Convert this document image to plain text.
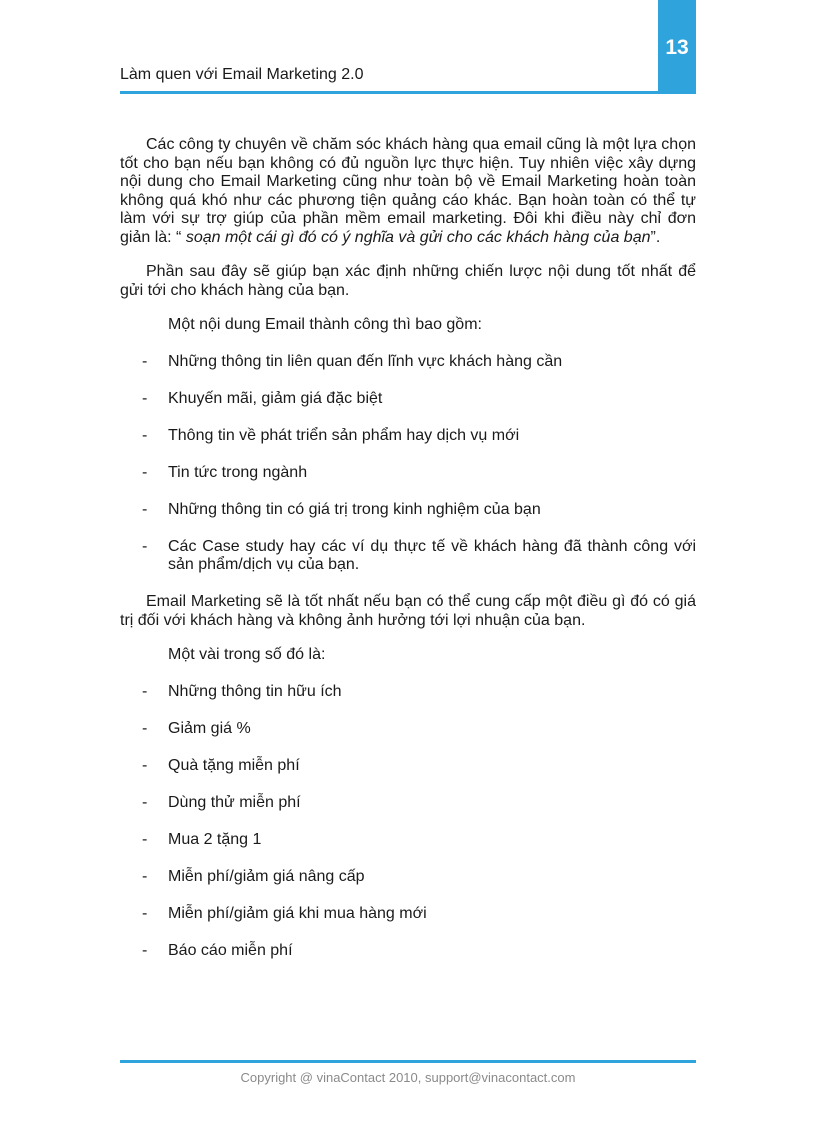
13
Làm quen với Email Marketing 2.0

Các công ty chuyên về chăm sóc khách hàng qua email cũng là một lựa chọn tốt cho bạn nếu bạn không có đủ nguồn lực thực hiện. Tuy nhiên việc xây dựng nội dung cho Email Marketing cũng như toàn bộ về Email Marketing hoàn toàn không quá khó như các phương tiện quảng cáo khác. Bạn hoàn toàn có thể tự làm với sự trợ giúp của phần mềm email marketing. Đôi khi điều này chỉ đơn giản là: “ soạn một cái gì đó có ý nghĩa và gửi cho các khách hàng của bạn”.

Phần sau đây sẽ giúp bạn xác định những chiến lược nội dung tốt nhất để gửi tới cho khách hàng của bạn.

Một nội dung Email thành công thì bao gồm:

- Những thông tin liên quan đến lĩnh vực khách hàng cần
- Khuyến mãi, giảm giá đặc biệt
- Thông tin về phát triển sản phẩm hay dịch vụ mới
- Tin tức trong ngành
- Những thông tin có giá trị trong kinh nghiệm của bạn
- Các Case study hay các ví dụ thực tế về khách hàng đã thành công với sản phẩm/dịch vụ của bạn.

Email Marketing sẽ là tốt nhất nếu bạn có thể cung cấp một điều gì đó có giá trị đối với khách hàng và không ảnh hưởng tới lợi nhuận của bạn.

Một vài trong số đó là:

- Những thông tin hữu ích
- Giảm giá %
- Quà tặng miễn phí
- Dùng thử miễn phí
- Mua 2 tặng 1
- Miễn phí/giảm giá nâng cấp
- Miễn phí/giảm giá khi mua hàng mới
- Báo cáo miễn phí
Copyright @ vinaContact 2010, support@vinacontact.com
